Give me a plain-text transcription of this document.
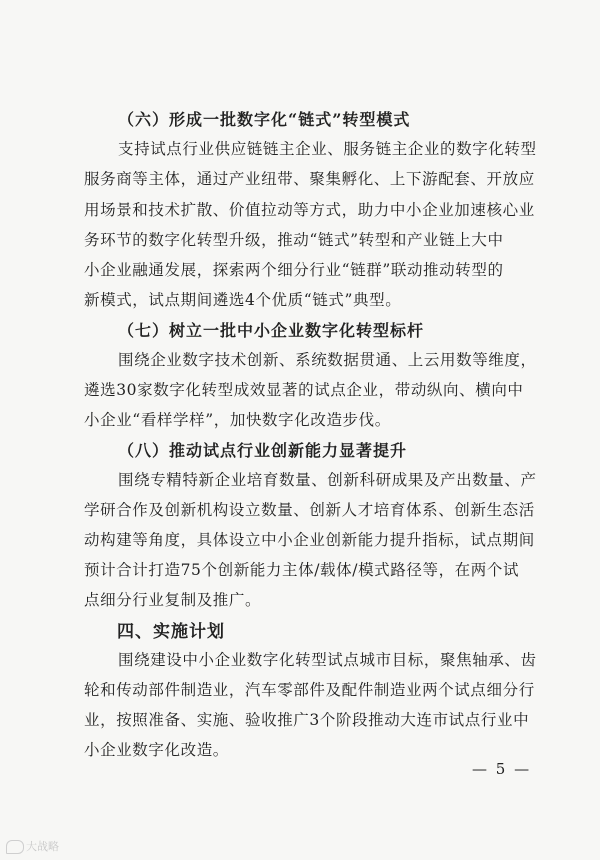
（六）形成一批数字化“链式”转型模式
支持试点行业供应链链主企业、服务链主企业的数字化转型
服务商等主体，通过产业纽带、聚集孵化、上下游配套、开放应
用场景和技术扩散、价值拉动等方式，助力中小企业加速核心业
务环节的数字化转型升级，推动“链式”转型和产业链上大中
小企业融通发展，探索两个细分行业“链群”联动推动转型的
新模式，试点期间遴选4个优质“链式”典型。
（七）树立一批中小企业数字化转型标杆
围绕企业数字技术创新、系统数据贯通、上云用数等维度，
遴选30家数字化转型成效显著的试点企业，带动纵向、横向中
小企业“看样学样”，加快数字化改造步伐。
（八）推动试点行业创新能力显著提升
围绕专精特新企业培育数量、创新科研成果及产出数量、产
学研合作及创新机构设立数量、创新人才培育体系、创新生态活
动构建等角度，具体设立中小企业创新能力提升指标，试点期间
预计合计打造75个创新能力主体/载体/模式路径等，在两个试
点细分行业复制及推广。
四、实施计划
围绕建设中小企业数字化转型试点城市目标，聚焦轴承、齿
轮和传动部件制造业，汽车零部件及配件制造业两个试点细分行
业，按照准备、实施、验收推广3个阶段推动大连市试点行业中
小企业数字化改造。
— 5 —
大战略
